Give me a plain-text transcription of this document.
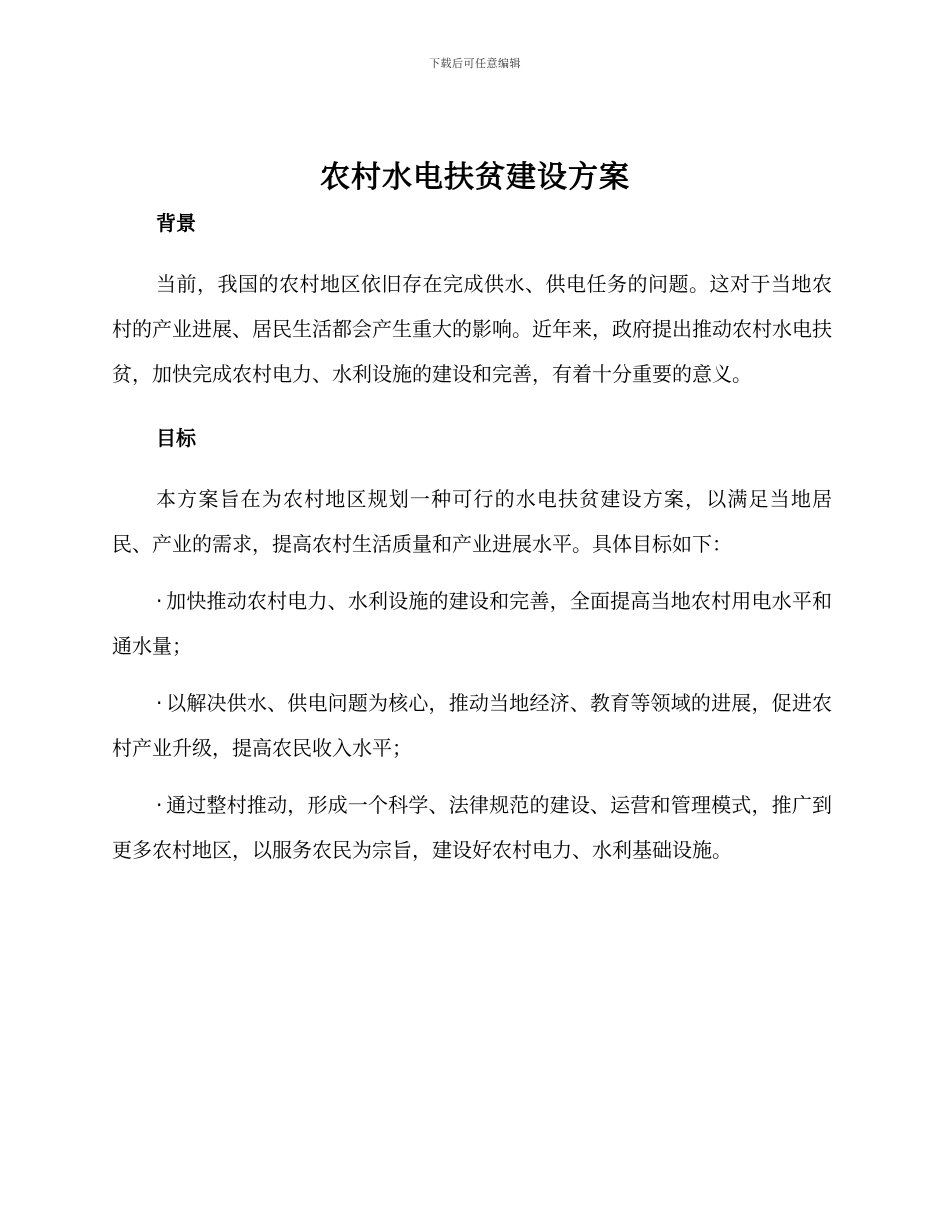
下载后可任意编辑
农村水电扶贫建设方案
背景

当前，我国的农村地区依旧存在完成供水、供电任务的问题。这对于当地农村的产业进展、居民生活都会产生重大的影响。近年来，政府提出推动农村水电扶贫，加快完成农村电力、水利设施的建设和完善，有着十分重要的意义。

目标

本方案旨在为农村地区规划一种可行的水电扶贫建设方案，以满足当地居民、产业的需求，提高农村生活质量和产业进展水平。具体目标如下：

· 加快推动农村电力、水利设施的建设和完善，全面提高当地农村用电水平和通水量；

· 以解决供水、供电问题为核心，推动当地经济、教育等领域的进展，促进农村产业升级，提高农民收入水平；

· 通过整村推动，形成一个科学、法律规范的建设、运营和管理模式，推广到更多农村地区，以服务农民为宗旨，建设好农村电力、水利基础设施。
